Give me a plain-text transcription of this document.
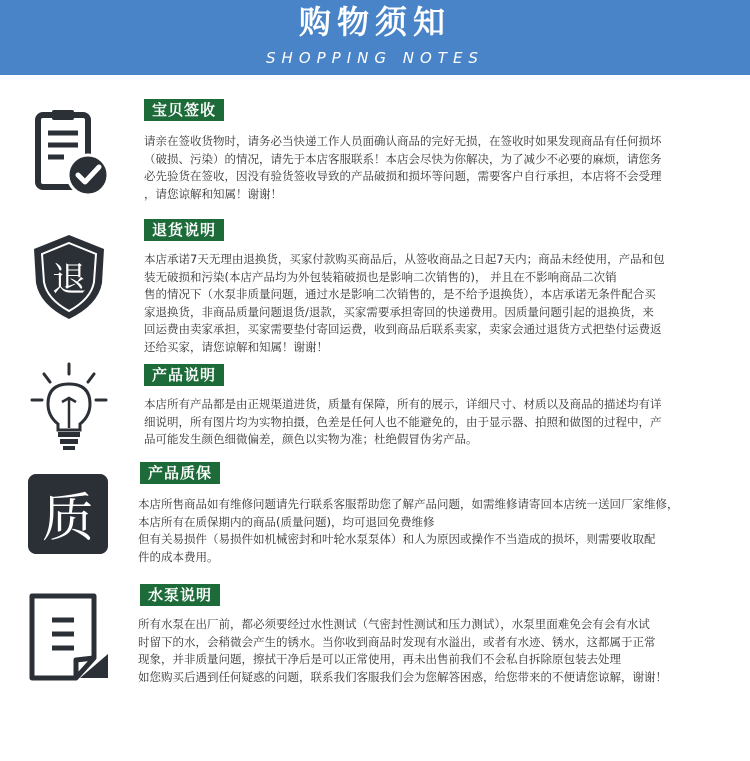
购物须知
SHOPPING NOTES
宝贝签收
请亲在签收货物时，请务必当快递工作人员面确认商品的完好无损，在签收时如果发现商品有任何损坏
（破损、污染）的情况，请先于本店客服联系！本店会尽快为你解决，为了减少不必要的麻烦，请您务
必先验货在签收，因没有验货签收导致的产品破损和损坏等问题，需要客户自行承担，本店将不会受理
，请您谅解和知属！谢谢！
退
退货说明
本店承诺7天无理由退换货，买家付款购买商品后，从签收商品之日起7天内；商品未经使用，产品和包
装无破损和污染(本店产品均为外包装箱破损也是影响二次销售的)， 并且在不影响商品二次销
售的情况下（水泵非质量问题，通过水是影响二次销售的，是不给予退换货），本店承诺无条件配合买
家退换货，非商品质量问题退货/退款，买家需要承担寄回的快递费用。因质量问题引起的退换货，来
回运费由卖家承担，买家需要垫付寄回运费，收到商品后联系卖家，卖家会通过退货方式把垫付运费返
还给买家，请您谅解和知属！谢谢！
产品说明
本店所有产品都是由正规渠道进货，质量有保障，所有的展示，详细尺寸、材质以及商品的描述均有详
细说明，所有图片均为实物拍摄，色差是任何人也不能避免的，由于显示器、拍照和做图的过程中，产
品可能发生颜色细微偏差，颜色以实物为准；杜绝假冒伪劣产品。
质
产品质保
本店所售商品如有维修问题请先行联系客服帮助您了解产品问题，如需维修请寄回本店统一送回厂家维修，
本店所有在质保期内的商品(质量问题)，均可退回免费维修
但有关易损件（易损件如机械密封和叶轮水泵泵体）和人为原因或操作不当造成的损坏，则需要收取配
件的成本费用。
水泵说明
所有水泵在出厂前，都必须要经过水性测试（气密封性测试和压力测试），水泵里面难免会有会有水试
时留下的水，会稍微会产生的锈水。当你收到商品时发现有水溢出，或者有水迹、锈水，这都属于正常
现象，并非质量问题，擦拭干净后是可以正常使用，再未出售前我们不会私自拆除原包装去处理
如您购买后遇到任何疑惑的问题，联系我们客服我们会为您解答困惑，给您带来的不便请您谅解，谢谢！
